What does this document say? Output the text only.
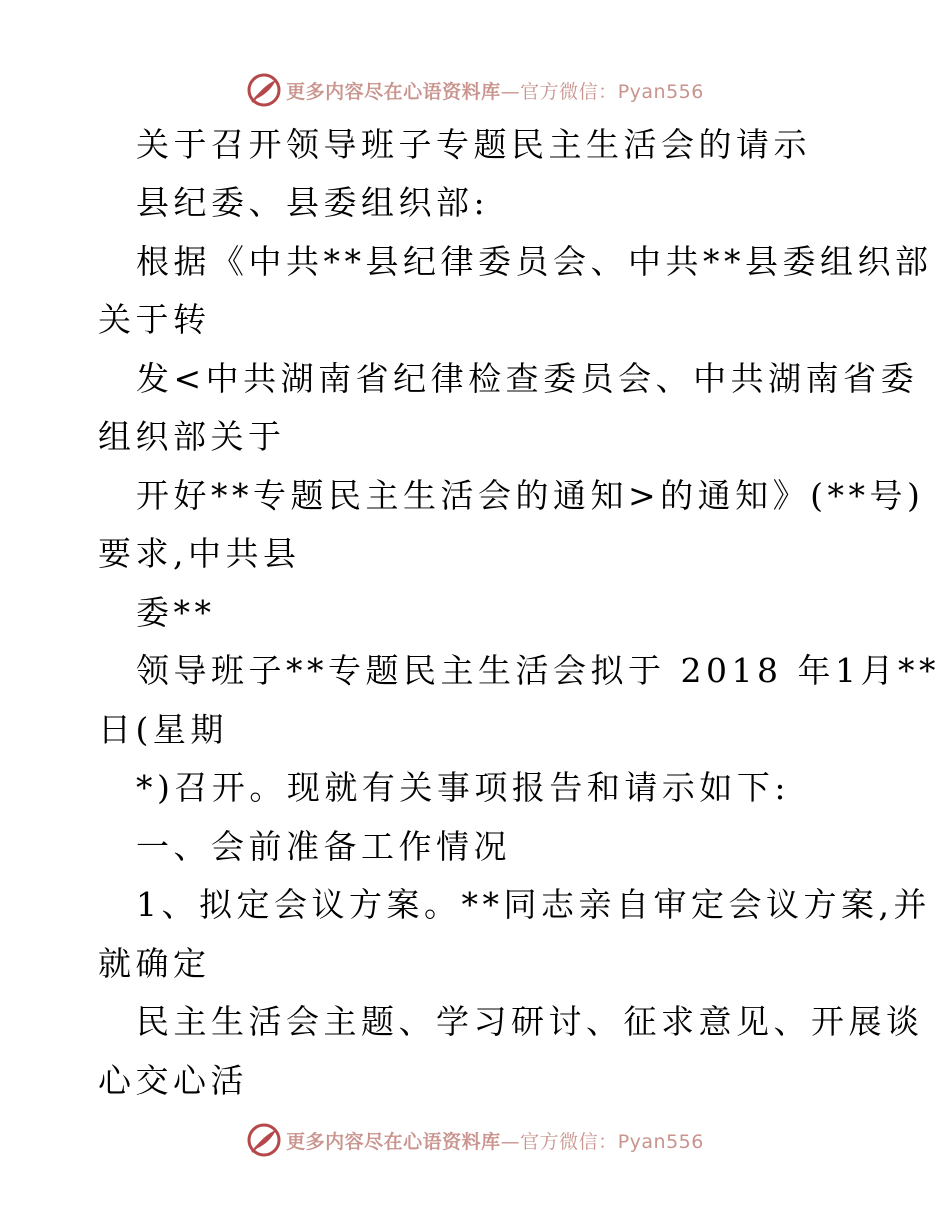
更多内容尽在心语资料库—官方微信：Pyan556
关于召开领导班子专题民主生活会的请示
县纪委、县委组织部:
根据《中共**县纪律委员会、中共**县委组织部
关于转
发<中共湖南省纪律检查委员会、中共湖南省委
组织部关于
开好**专题民主生活会的通知>的通知》(**号)
要求,中共县
委**
领导班子**专题民主生活会拟于 2018 年1月**
日(星期
*)召开。现就有关事项报告和请示如下:
一、会前准备工作情况
1、拟定会议方案。**同志亲自审定会议方案,并
就确定
民主生活会主题、学习研讨、征求意见、开展谈
心交心活
更多内容尽在心语资料库—官方微信：Pyan556
